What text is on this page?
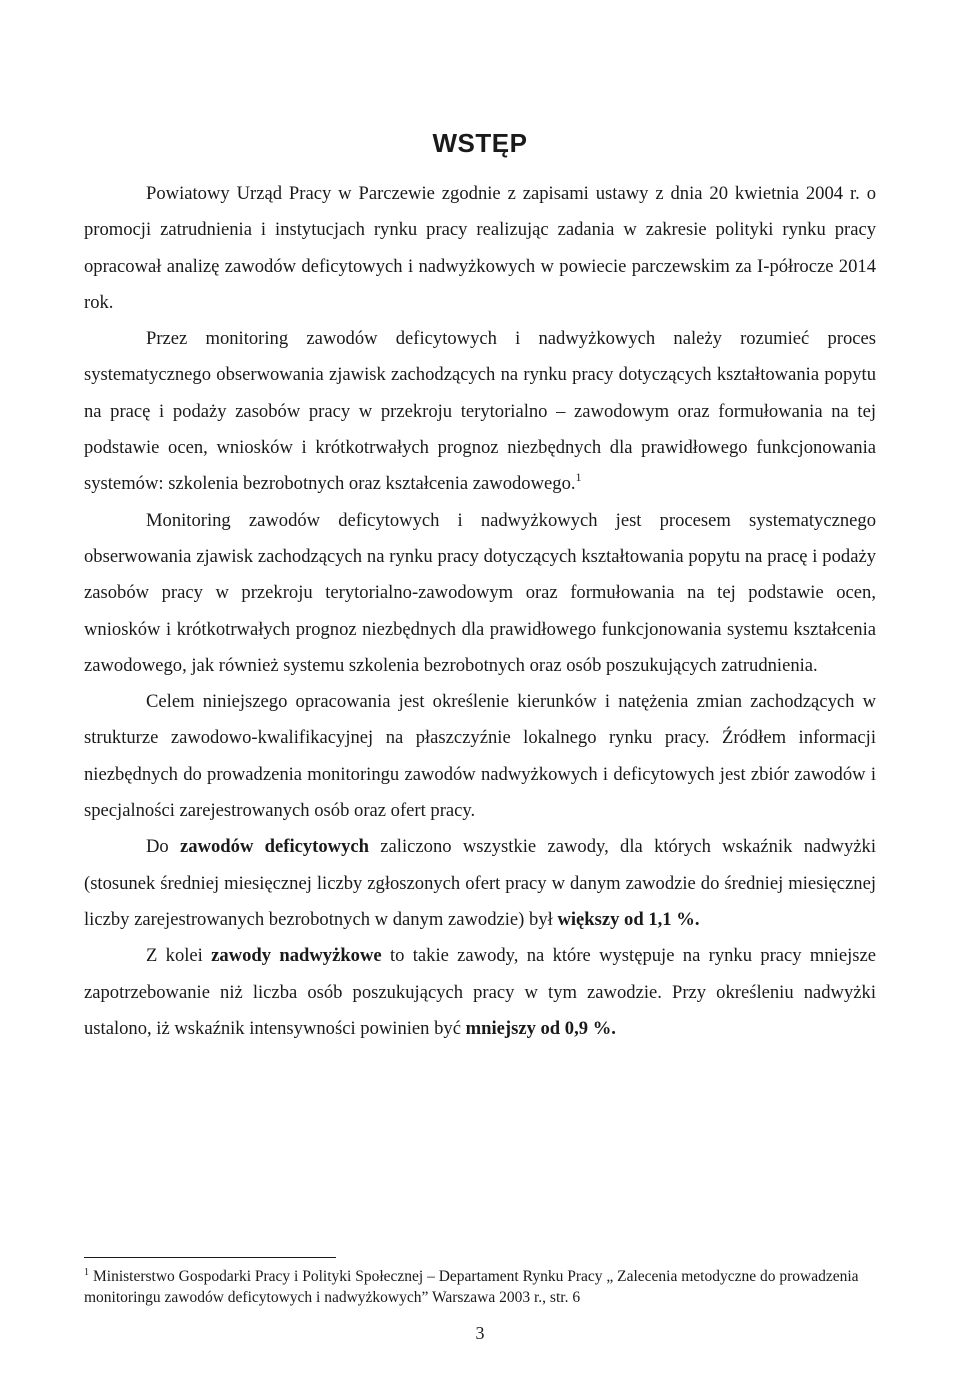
WSTĘP

Powiatowy Urząd Pracy w Parczewie zgodnie z zapisami ustawy z dnia 20 kwietnia 2004 r. o promocji zatrudnienia i instytucjach rynku pracy realizując zadania w zakresie polityki rynku pracy opracował analizę zawodów deficytowych i nadwyżkowych w powiecie parczewskim za I-półrocze 2014 rok.

Przez monitoring zawodów deficytowych i nadwyżkowych należy rozumieć proces systematycznego obserwowania zjawisk zachodzących na rynku pracy dotyczących kształtowania popytu na pracę i podaży zasobów pracy w przekroju terytorialno – zawodowym oraz formułowania na tej podstawie ocen, wniosków i krótkotrwałych prognoz niezbędnych dla prawidłowego funkcjonowania systemów: szkolenia bezrobotnych oraz kształcenia zawodowego.$^1$

Monitoring zawodów deficytowych i nadwyżkowych jest procesem systematycznego obserwowania zjawisk zachodzących na rynku pracy dotyczących kształtowania popytu na pracę i podaży zasobów pracy w przekroju terytorialno-zawodowym oraz formułowania na tej podstawie ocen, wniosków i krótkotrwałych prognoz niezbędnych dla prawidłowego funkcjonowania systemu kształcenia zawodowego, jak również systemu szkolenia bezrobotnych oraz osób poszukujących zatrudnienia.

Celem niniejszego opracowania jest określenie kierunków i natężenia zmian zachodzących w strukturze zawodowo-kwalifikacyjnej na płaszczyźnie lokalnego rynku pracy. Źródłem informacji niezbędnych do prowadzenia monitoringu zawodów nadwyżkowych i deficytowych jest zbiór zawodów i specjalności zarejestrowanych osób oraz ofert pracy.

Do zawodów deficytowych zaliczono wszystkie zawody, dla których wskaźnik nadwyżki (stosunek średniej miesięcznej liczby zgłoszonych ofert pracy w danym zawodzie do średniej miesięcznej liczby zarejestrowanych bezrobotnych w danym zawodzie) był większy od 1,1 %.

Z kolei zawody nadwyżkowe to takie zawody, na które występuje na rynku pracy mniejsze zapotrzebowanie niż liczba osób poszukujących pracy w tym zawodzie. Przy określeniu nadwyżki ustalono, iż wskaźnik intensywności powinien być mniejszy od 0,9 %.

$^1$ Ministerstwo Gospodarki Pracy i Polityki Społecznej – Departament Rynku Pracy „ Zalecenia metodyczne do prowadzenia monitoringu zawodów deficytowych i nadwyżkowych” Warszawa 2003 r., str. 6
3
